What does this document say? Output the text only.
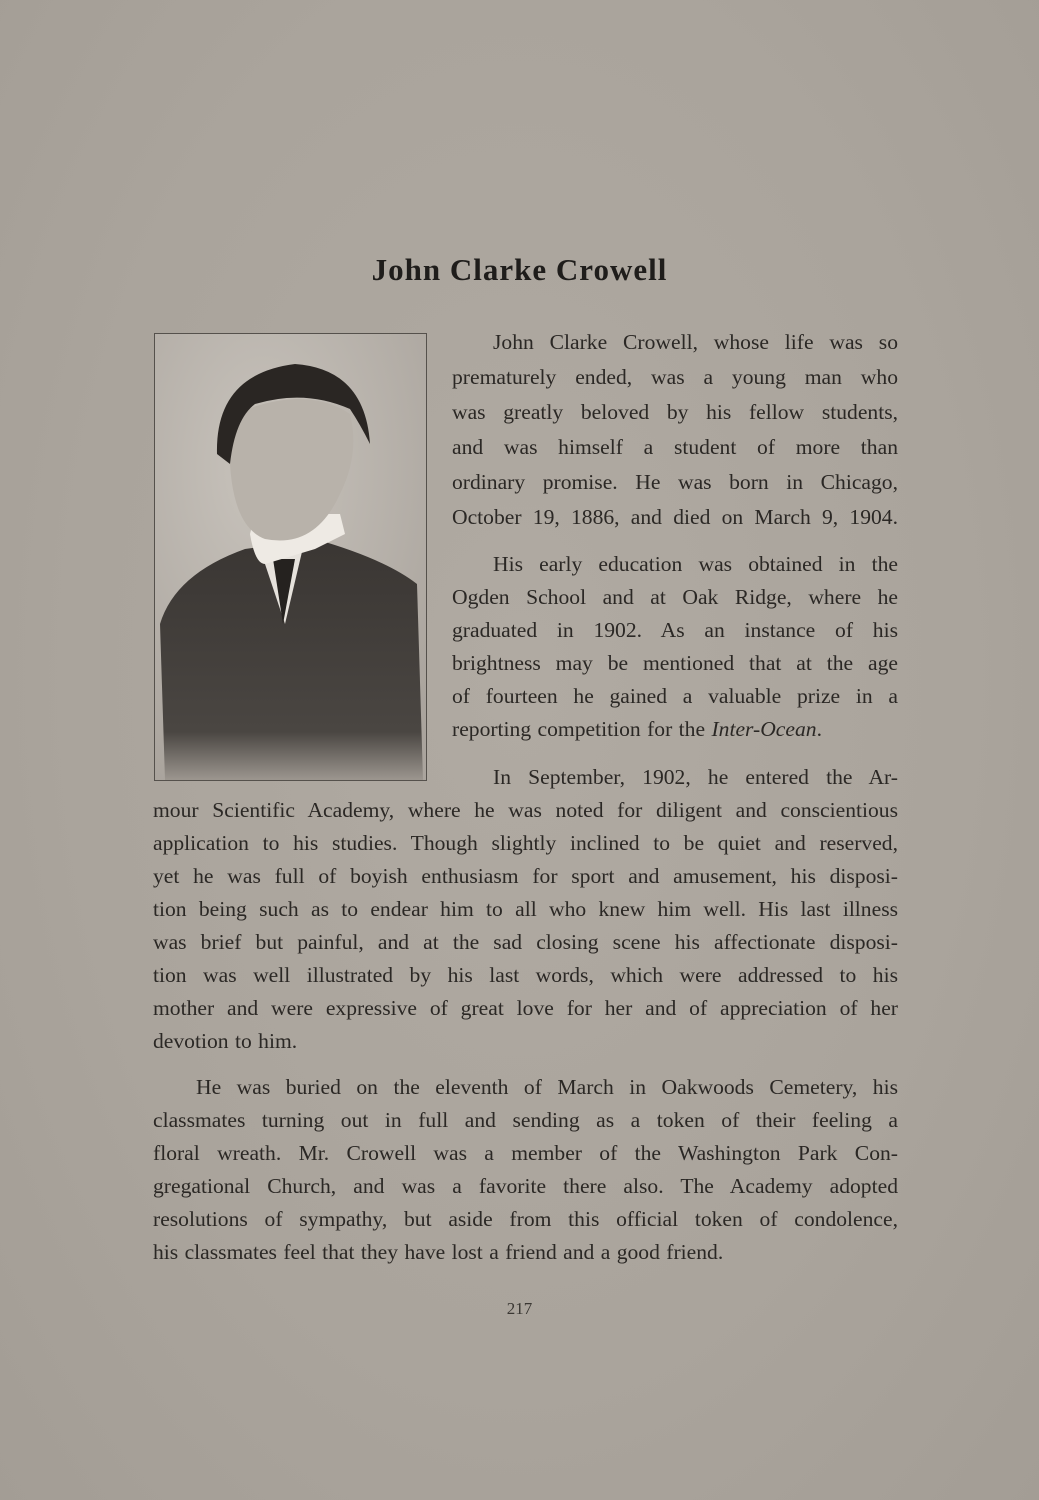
John Clarke Crowell
John Clarke Crowell, whose life was so
prematurely ended, was a young man who
was greatly beloved by his fellow students,
and was himself a student of more than
ordinary promise. He was born in Chicago,
October 19, 1886, and died on March 9, 1904.
His early education was obtained in the
Ogden School and at Oak Ridge, where he
graduated in 1902. As an instance of his
brightness may be mentioned that at the age
of fourteen he gained a valuable prize in a
reporting competition for the Inter-Ocean.
In September, 1902, he entered the Ar-
mour Scientific Academy, where he was noted for diligent and conscientious
application to his studies. Though slightly inclined to be quiet and reserved,
yet he was full of boyish enthusiasm for sport and amusement, his disposi-
tion being such as to endear him to all who knew him well. His last illness
was brief but painful, and at the sad closing scene his affectionate disposi-
tion was well illustrated by his last words, which were addressed to his
mother and were expressive of great love for her and of appreciation of her
devotion to him.
He was buried on the eleventh of March in Oakwoods Cemetery, his
classmates turning out in full and sending as a token of their feeling a
floral wreath. Mr. Crowell was a member of the Washington Park Con-
gregational Church, and was a favorite there also. The Academy adopted
resolutions of sympathy, but aside from this official token of condolence,
his classmates feel that they have lost a friend and a good friend.
217
